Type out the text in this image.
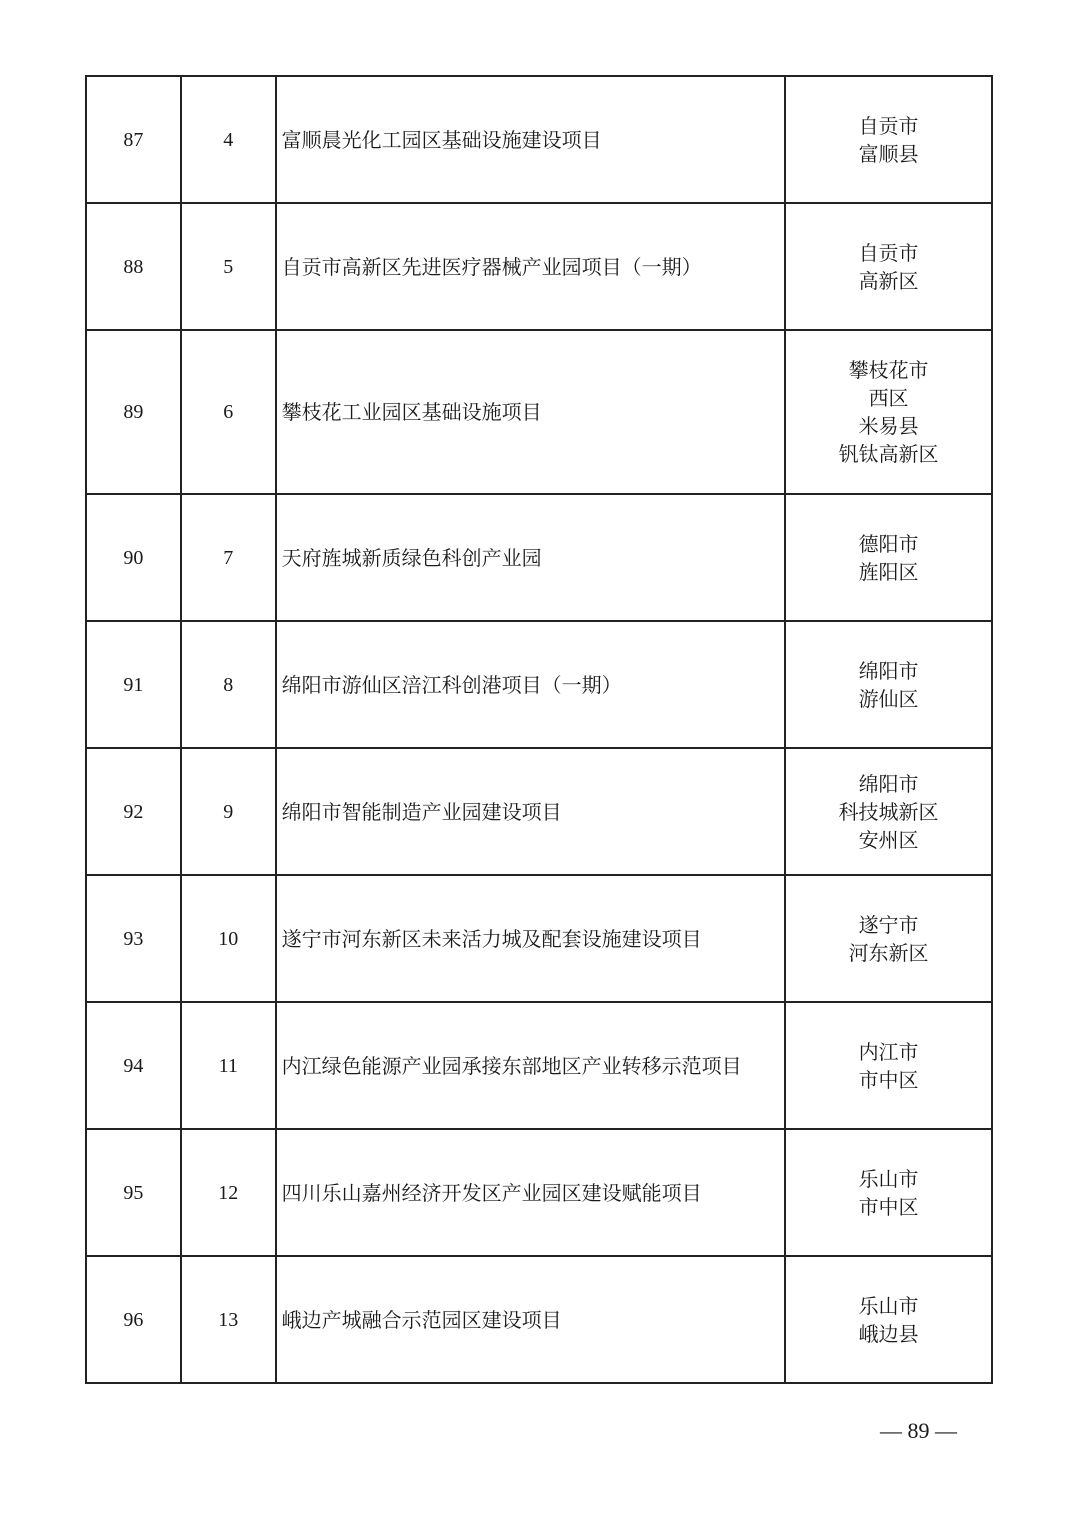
87	4	富顺晨光化工园区基础设施建设项目	自贡市
富顺县

88	5	自贡市高新区先进医疗器械产业园项目（一期）	自贡市
高新区

89	6	攀枝花工业园区基础设施项目	攀枝花市
西区
米易县
钒钛高新区

90	7	天府旌城新质绿色科创产业园	德阳市
旌阳区

91	8	绵阳市游仙区涪江科创港项目（一期）	绵阳市
游仙区

92	9	绵阳市智能制造产业园建设项目	绵阳市
科技城新区
安州区

93	10	遂宁市河东新区未来活力城及配套设施建设项目	遂宁市
河东新区

94	11	内江绿色能源产业园承接东部地区产业转移示范项目	内江市
市中区

95	12	四川乐山嘉州经济开发区产业园区建设赋能项目	乐山市
市中区

96	13	峨边产城融合示范园区建设项目	乐山市
峨边县
— 89 —
